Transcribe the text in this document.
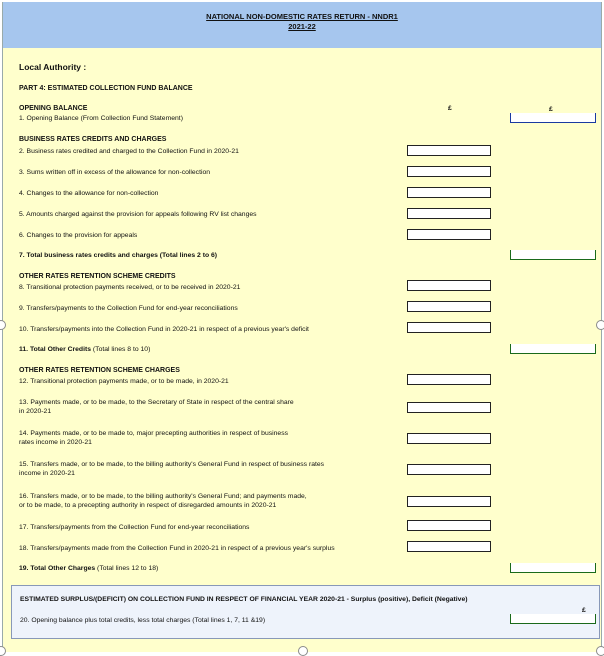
NATIONAL NON-DOMESTIC RATES RETURN - NNDR1
2021-22
Local Authority :
PART 4: ESTIMATED COLLECTION FUND BALANCE
OPENING BALANCE	£	£
1. Opening Balance (From Collection Fund Statement)
BUSINESS RATES CREDITS AND CHARGES
2. Business rates credited and charged to the Collection Fund in 2020-21
3. Sums written off in excess of the allowance for non-collection
4. Changes to the allowance for non-collection
5. Amounts charged against the provision for appeals following RV list changes
6. Changes to the provision for appeals
7. Total business rates credits and charges (Total lines 2 to 6)
OTHER RATES RETENTION SCHEME CREDITS
8. Transitional protection payments received, or to be received in 2020-21
9. Transfers/payments to the Collection Fund for end-year reconciliations
10. Transfers/payments into the Collection Fund in 2020-21 in respect of a previous year's deficit
11. Total Other Credits (Total lines 8 to 10)
OTHER RATES RETENTION SCHEME CHARGES
12. Transitional protection payments made, or to be made, in 2020-21
13. Payments made, or to be made, to the Secretary of State in respect of the central share
in 2020-21
14. Payments made, or to be made to, major precepting authorities in respect of business
rates income in 2020-21
15. Transfers made, or to be made, to the billing authority's General Fund in respect of business rates
income in 2020-21
16. Transfers made, or to be made, to the billing authority's General Fund; and payments made,
or to be made, to a precepting authority in respect of disregarded amounts in 2020-21
17. Transfers/payments from the Collection Fund for end-year reconciliations
18. Transfers/payments made from the Collection Fund in 2020-21 in respect of a previous year's surplus
19. Total Other Charges (Total lines 12 to 18)
ESTIMATED SURPLUS/(DEFICIT) ON COLLECTION FUND IN RESPECT OF FINANCIAL YEAR 2020-21 - Surplus (positive), Deficit (Negative)
£
20. Opening balance plus total credits, less total charges (Total lines 1, 7, 11 &19)
